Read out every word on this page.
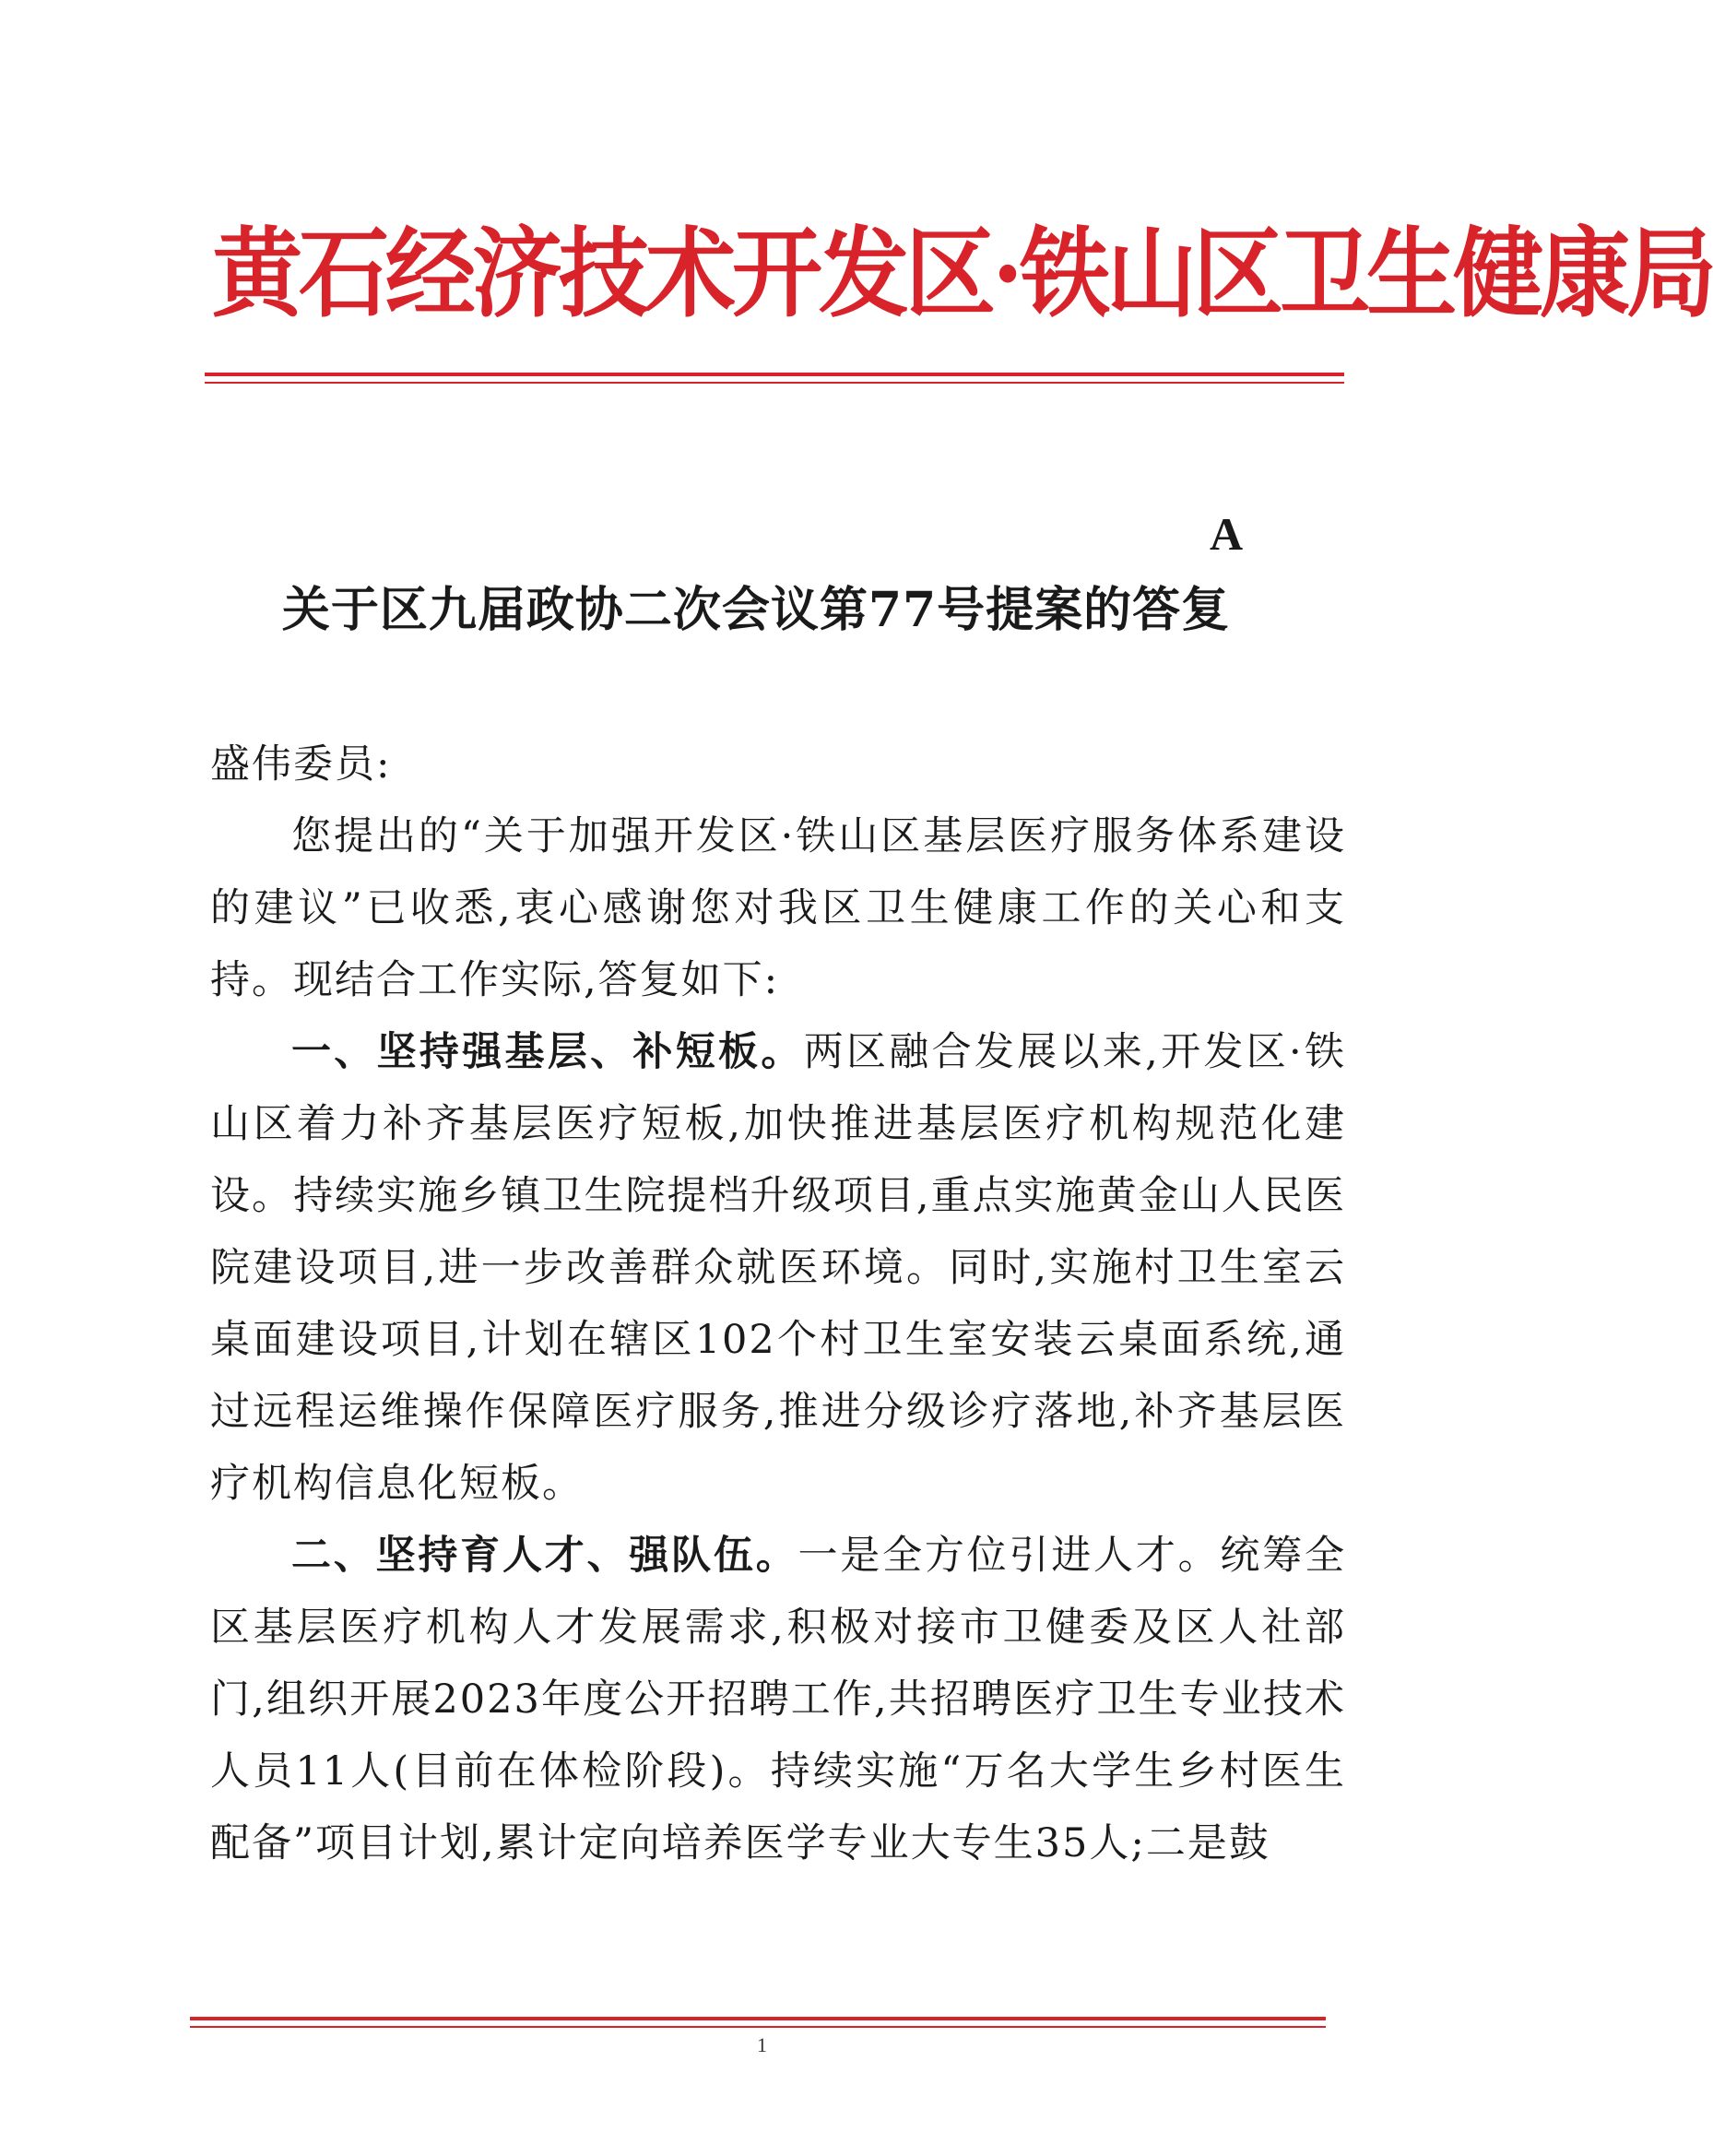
黄石经济技术开发区·铁山区卫生健康局
A
关于区九届政协二次会议第77号提案的答复

盛伟委员:

您提出的“关于加强开发区·铁山区基层医疗服务体系建设的建议”已收悉,衷心感谢您对我区卫生健康工作的关心和支持。现结合工作实际,答复如下:

一、坚持强基层、补短板。两区融合发展以来,开发区·铁山区着力补齐基层医疗短板,加快推进基层医疗机构规范化建设。持续实施乡镇卫生院提档升级项目,重点实施黄金山人民医院建设项目,进一步改善群众就医环境。同时,实施村卫生室云桌面建设项目,计划在辖区102个村卫生室安装云桌面系统,通过远程运维操作保障医疗服务,推进分级诊疗落地,补齐基层医疗机构信息化短板。

二、坚持育人才、强队伍。一是全方位引进人才。统筹全区基层医疗机构人才发展需求,积极对接市卫健委及区人社部门,组织开展2023年度公开招聘工作,共招聘医疗卫生专业技术人员11人(目前在体检阶段)。持续实施“万名大学生乡村医生配备”项目计划,累计定向培养医学专业大专生35人;二是鼓

1
